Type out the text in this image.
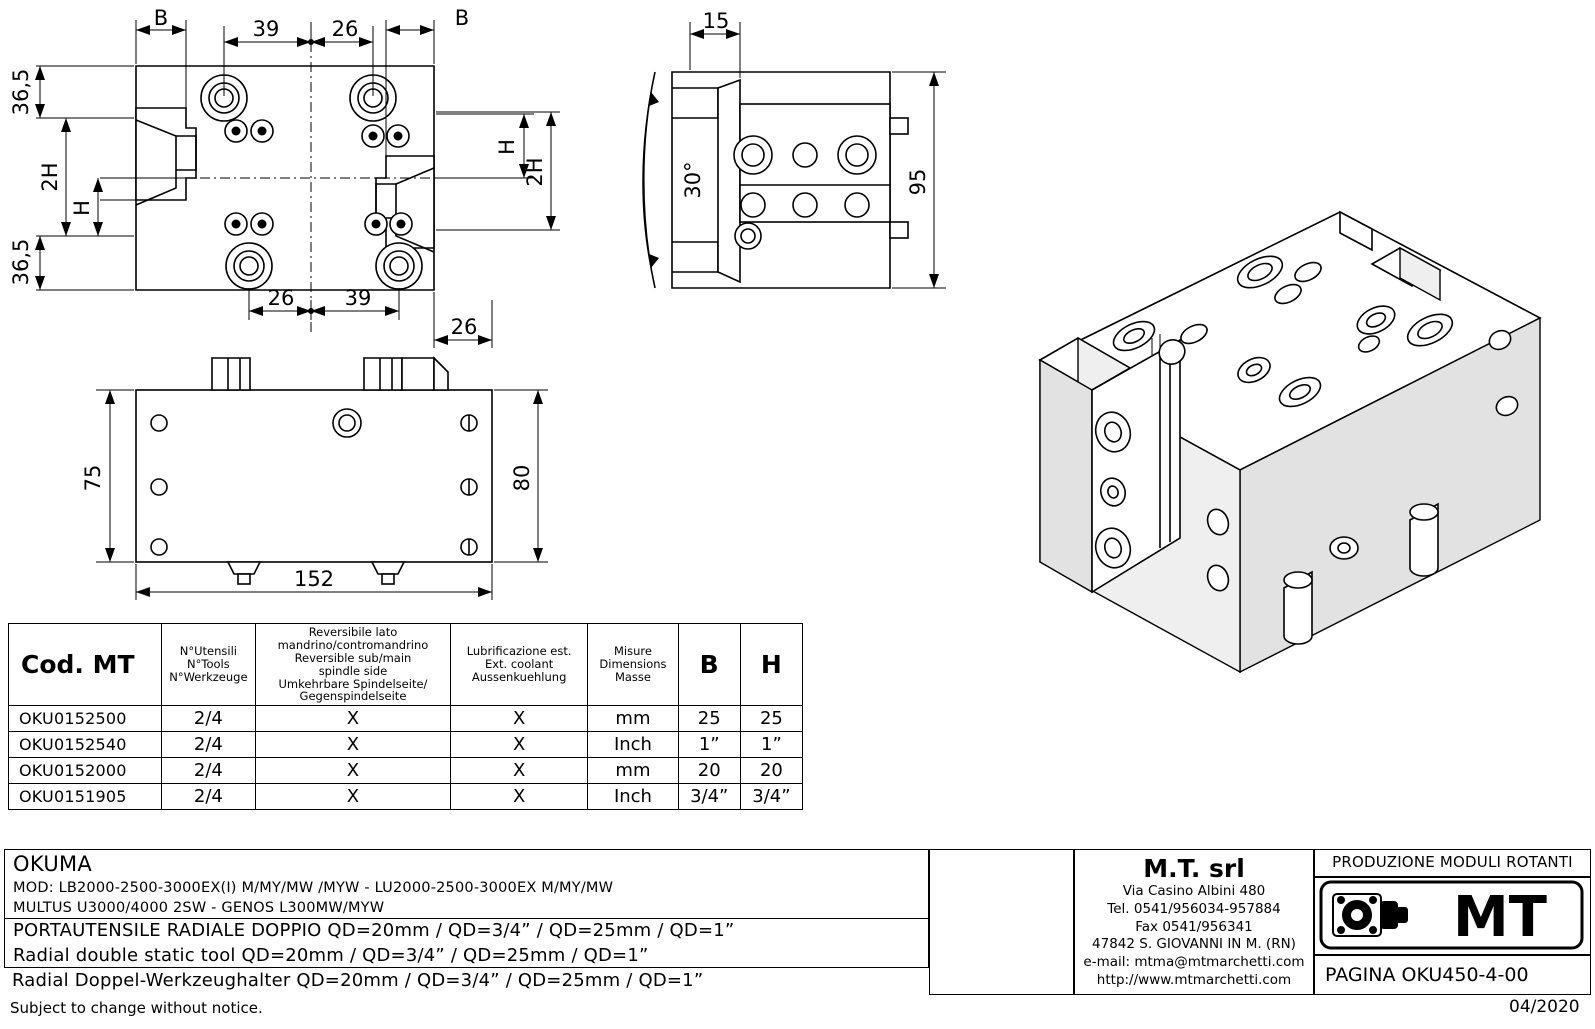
B	B
39 26
26 39
26
36,5
2H
H
36,5
H
2H
15
30°	95
75	80
152
Cod. MT	N°Utensili
N°Tools
N°Werkzeuge	Reversibile lato
mandrino/contromandrino
Reversible sub/main
spindle side
Umkehrbare Spindelseite/
Gegenspindelseite	Lubrificazione est.
Ext. coolant
Aussenkuehlung	Misure
Dimensions
Masse	B	H
OKU0152500	2/4	X	X	mm	25	25
OKU0152540	2/4	X	X	Inch	1”	1”
OKU0152000	2/4	X	X	mm	20	20
OKU0151905	2/4	X	X	Inch	3/4”	3/4”
OKUMA
MOD: LB2000-2500-3000EX(I) M/MY/MW /MYW - LU2000-2500-3000EX M/MY/MW
MULTUS U3000/4000 2SW - GENOS L300MW/MYW
PORTAUTENSILE RADIALE DOPPIO QD=20mm / QD=3/4” / QD=25mm / QD=1”
Radial double static tool QD=20mm / QD=3/4” / QD=25mm / QD=1”
Radial Doppel-Werkzeughalter QD=20mm / QD=3/4” / QD=25mm / QD=1”
M.T. srl
Via Casino Albini 480
Tel. 0541/956034-957884
Fax 0541/956341
47842 S. GIOVANNI IN M. (RN)
e-mail: mtma@mtmarchetti.com
http://www.mtmarchetti.com
PRODUZIONE MODULI ROTANTI
MT
PAGINA OKU450-4-00
Subject to change without notice.	04/2020
